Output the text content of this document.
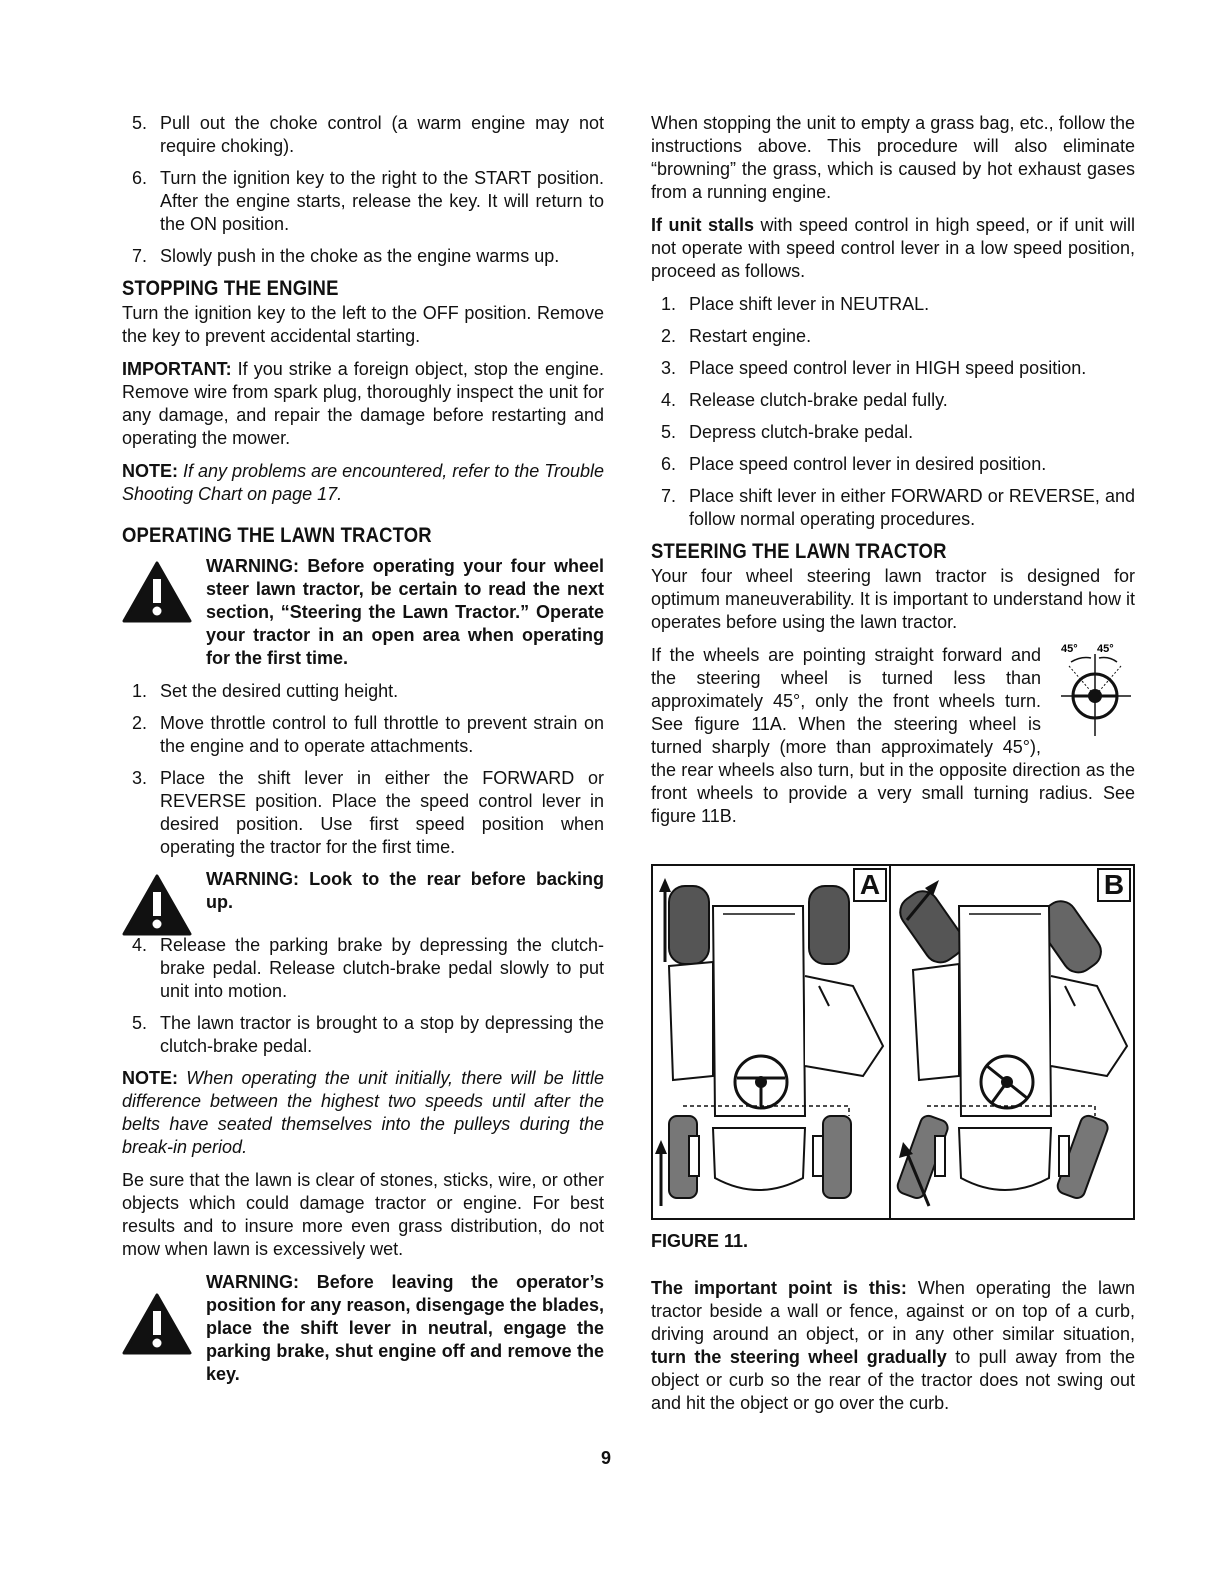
5. Pull out the choke control (a warm engine may not require choking).
6. Turn the ignition key to the right to the START position. After the engine starts, release the key. It will return to the ON position.
7. Slowly push in the choke as the engine warms up.
STOPPING THE ENGINE

Turn the ignition key to the left to the OFF position. Remove the key to prevent accidental starting.

IMPORTANT: If you strike a foreign object, stop the engine. Remove wire from spark plug, thoroughly inspect the unit for any damage, and repair the damage before restarting and operating the mower.

NOTE: If any problems are encountered, refer to the Trouble Shooting Chart on page 17.

OPERATING THE LAWN TRACTOR
WARNING: Before operating your four wheel steer lawn tractor, be certain to read the next section, “Steering the Lawn Tractor.” Operate your tractor in an open area when operating for the first time.
1. Set the desired cutting height.
2. Move throttle control to full throttle to prevent strain on the engine and to operate attachments.
3. Place the shift lever in either the FORWARD or REVERSE position. Place the speed control lever in desired position. Use first speed position when operating the tractor for the first time.
WARNING: Look to the rear before backing up.
4. Release the parking brake by depressing the clutch-brake pedal. Release clutch-brake pedal slowly to put unit into motion.
5. The lawn tractor is brought to a stop by depressing the clutch-brake pedal.

NOTE: When operating the unit initially, there will be little difference between the highest two speeds until after the belts have seated themselves into the pulleys during the break-in period.

Be sure that the lawn is clear of stones, sticks, wire, or other objects which could damage tractor or engine. For best results and to insure more even grass distribution, do not mow when lawn is excessively wet.

WARNING: Before leaving the operator’s position for any reason, disengage the blades, place the shift lever in neutral, engage the parking brake, shut engine off and remove the key.

When stopping the unit to empty a grass bag, etc., follow the instructions above. This procedure will also eliminate “browning” the grass, which is caused by hot exhaust gases from a running engine.

If unit stalls with speed control in high speed, or if unit will not operate with speed control lever in a low speed position, proceed as follows.

1. Place shift lever in NEUTRAL.
2. Restart engine.
3. Place speed control lever in HIGH speed position.
4. Release clutch-brake pedal fully.
5. Depress clutch-brake pedal.
6. Place speed control lever in desired position.
7. Place shift lever in either FORWARD or REVERSE, and follow normal operating procedures.
STEERING THE LAWN TRACTOR

Your four wheel steering lawn tractor is designed for optimum maneuverability. It is important to understand how it operates before using the lawn tractor.

45° 45°
If the wheels are pointing straight forward and the steering wheel is turned less than approximately 45°, only the front wheels turn. See figure 11A. When the steering wheel is turned sharply (more than approximately 45°), the rear wheels also turn, but in the opposite direction as the front wheels to provide a very small turning radius. See figure 11B.

A	B

FIGURE 11.

The important point is this: When operating the lawn tractor beside a wall or fence, against or on top of a curb, driving around an object, or in any other similar situation, turn the steering wheel gradually to pull away from the object or curb so the rear of the tractor does not swing out and hit the object or go over the curb.

9
